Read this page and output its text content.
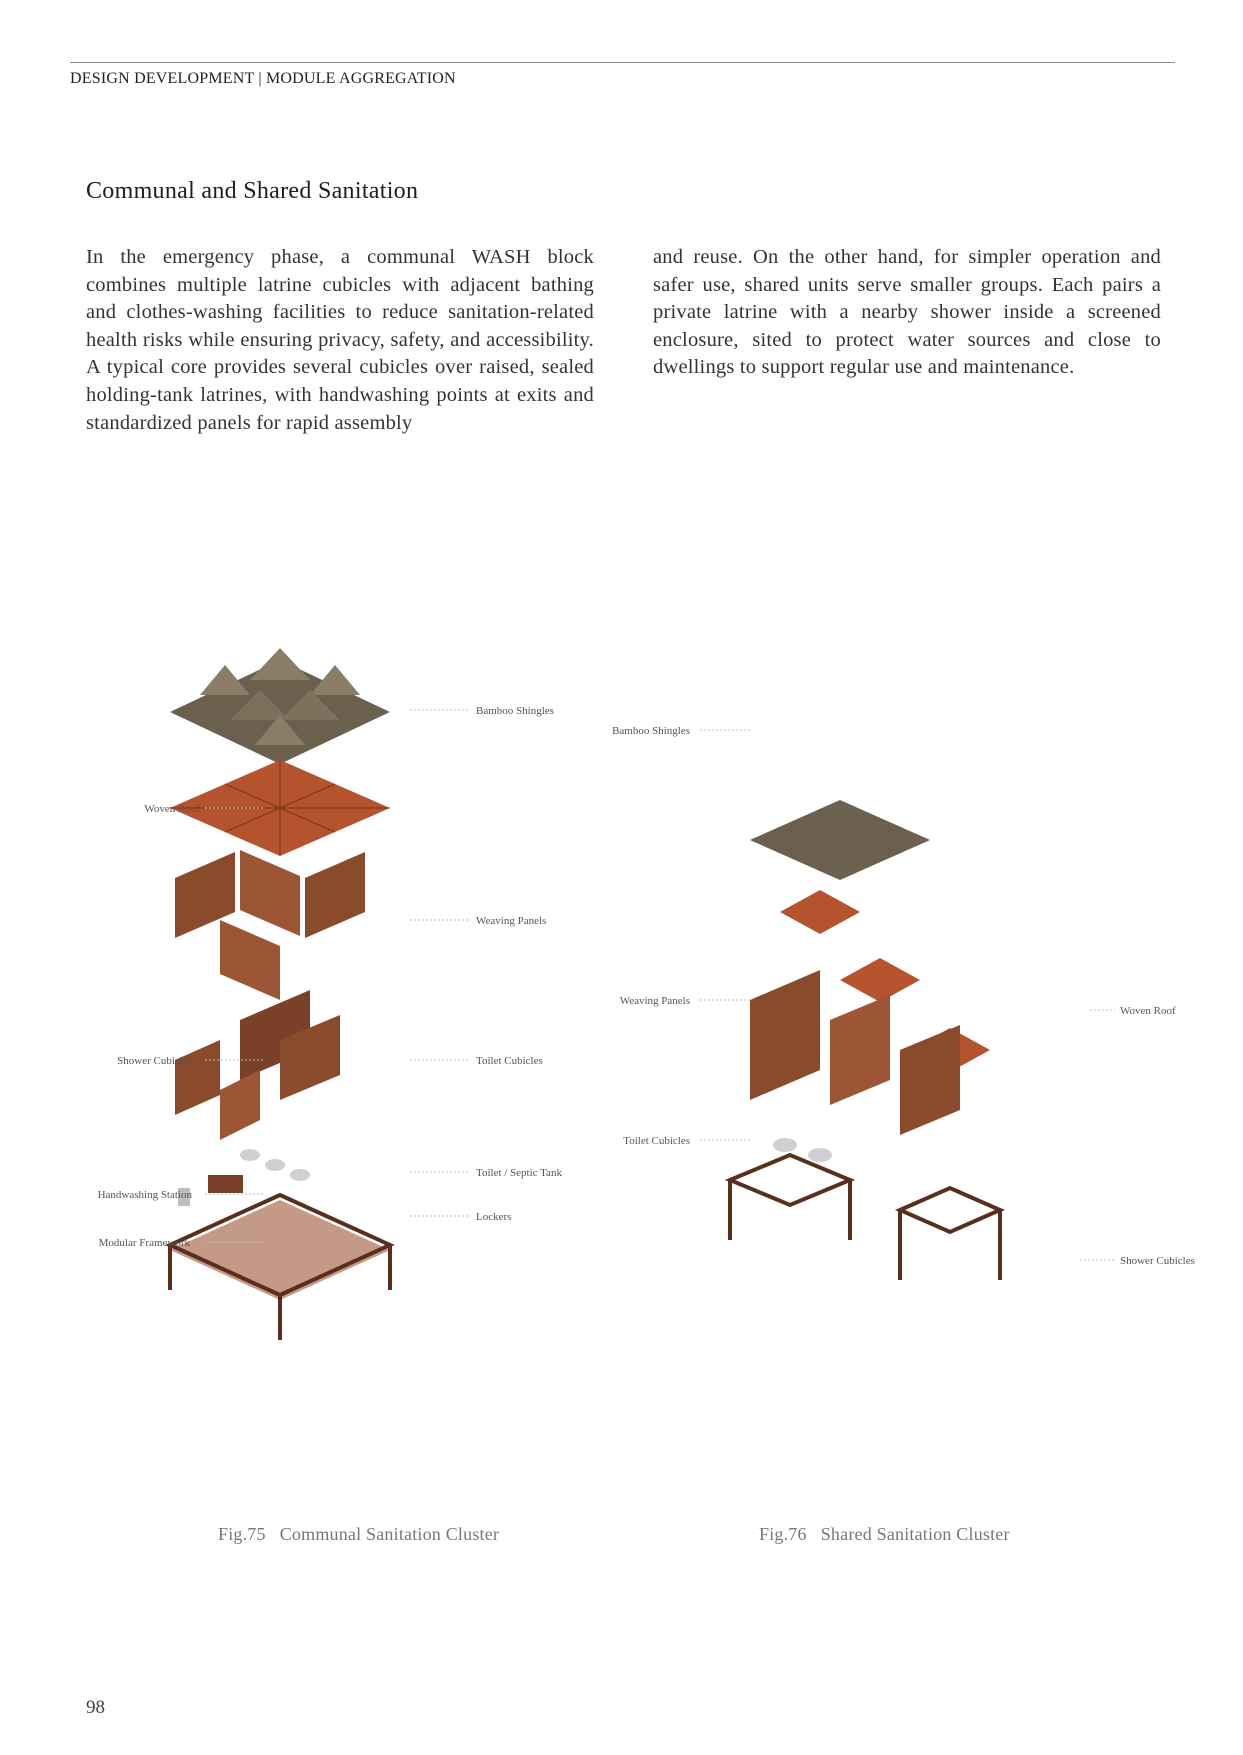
DESIGN DEVELOPMENT | MODULE AGGREGATION
Communal and Shared Sanitation
In the emergency phase, a communal WASH block combines multiple latrine cubicles with adjacent bathing and clothes-washing facilities to reduce sanitation-related health risks while ensuring privacy, safety, and accessibility. A typical core provides several cubicles over raised, sealed holding-tank latrines, with handwashing points at exits and standardized panels for rapid assembly
and reuse. On the other hand, for simpler operation and safer use, shared units serve smaller groups. Each pairs a private latrine with a nearby shower inside a screened enclosure, sited to protect water sources and close to dwellings to support regular use and maintenance.
Bamboo Shingles
Woven Roof
Weaving Panels
Shower Cubicles	Toilet Cubicles
Toilet / Septic Tank
Handwashing Station
Lockers
Modular Framework
Bamboo Shingles
Weaving Panels
Woven Roof
Toilet Cubicles
Shower Cubicles
Fig.75 Communal Sanitation Cluster	Fig.76 Shared Sanitation Cluster
98
